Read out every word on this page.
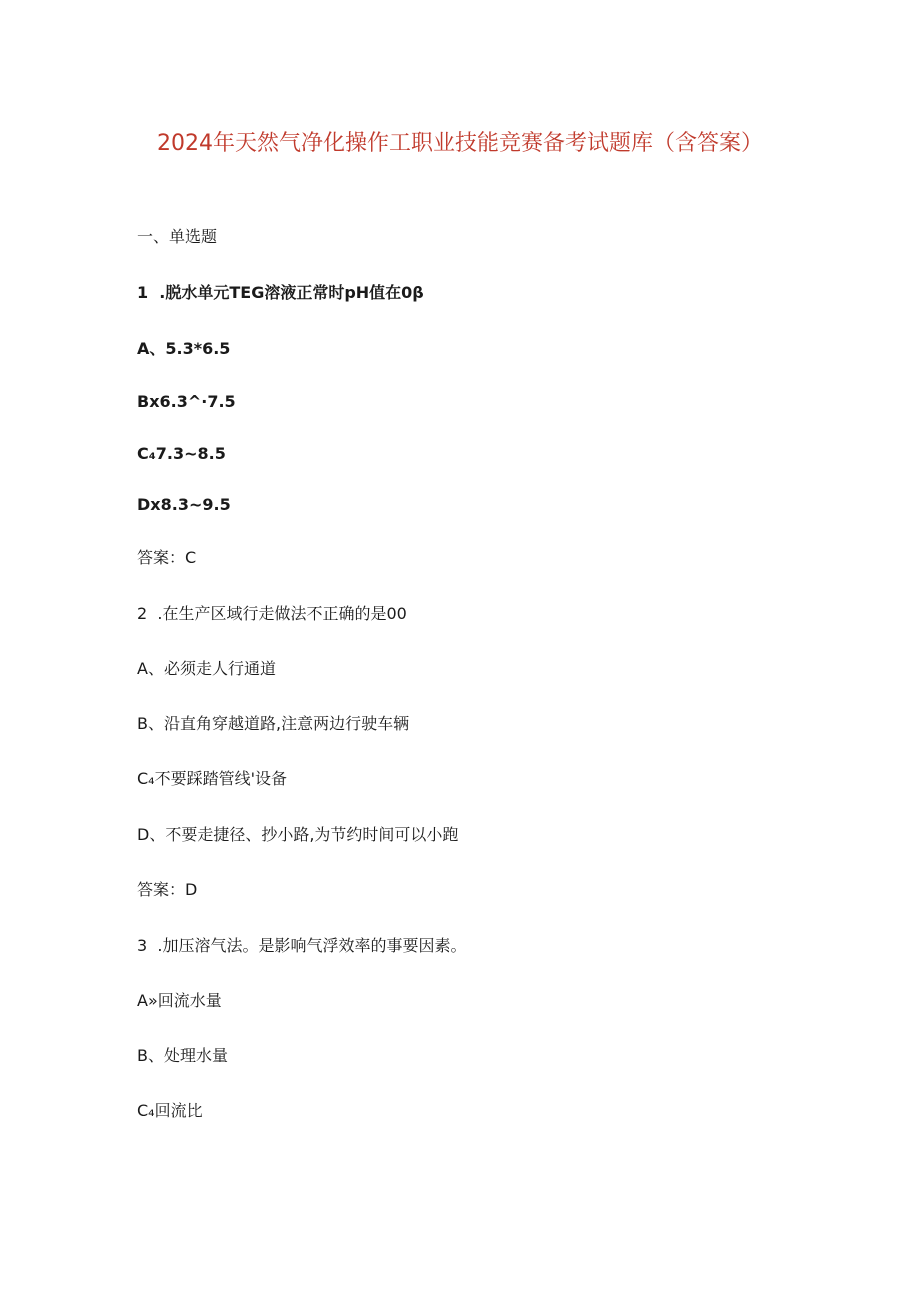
2024年天然气净化操作工职业技能竞赛备考试题库（含答案）
一、单选题
1  .脱水单元TEG溶液正常时pH值在0β
A、5.3*6.5
Bx6.3^·7.5
C₄7.3~8.5
Dx8.3~9.5
答案：C
2  .在生产区域行走做法不正确的是00
A、必须走人行通道
B、沿直角穿越道路,注意两边行驶车辆
C₄不要踩踏管线'设备
D、不要走捷径、抄小路,为节约时间可以小跑
答案：D
3  .加压溶气法。是影响气浮效率的事要因素。
A»回流水量
B、处理水量
C₄回流比
